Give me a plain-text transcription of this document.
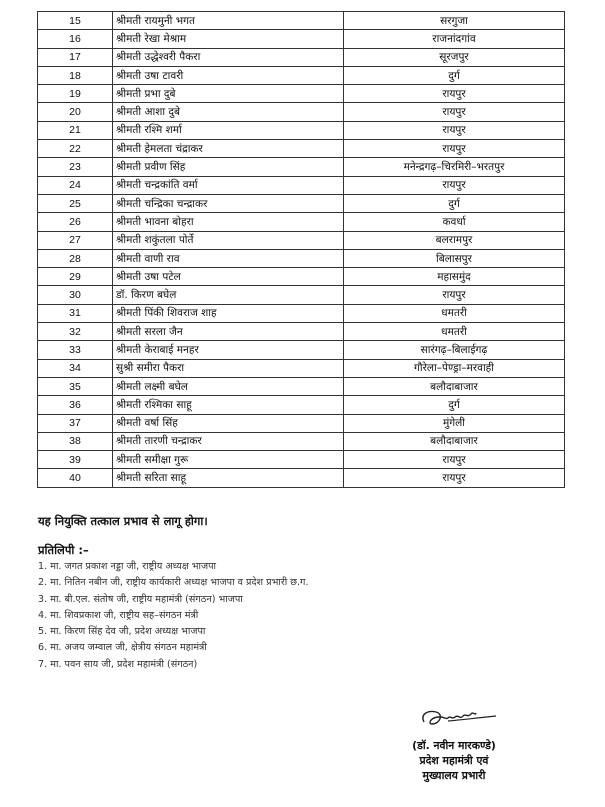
15	श्रीमती रायमुनी भगत	सरगुजा
16	श्रीमती रेखा मेश्राम	राजनांदगांव
17	श्रीमती उद्धेश्वरी पैकरा	सूरजपुर
18	श्रीमती उषा टावरी	दुर्ग
19	श्रीमती प्रभा दुबे	रायपुर
20	श्रीमती आशा दुबे	रायपुर
21	श्रीमती रश्मि शर्मा	रायपुर
22	श्रीमती हेमलता चंद्राकर	रायपुर
23	श्रीमती प्रवीण सिंह	मनेन्द्रगढ़–चिरमिरी–भरतपुर
24	श्रीमती चन्द्रकांति वर्मा	रायपुर
25	श्रीमती चन्द्रिका चन्द्राकर	दुर्ग
26	श्रीमती भावना बोहरा	कवर्धा
27	श्रीमती शकुंतला पोर्ते	बलरामपुर
28	श्रीमती वाणी राव	बिलासपुर
29	श्रीमती उषा पटेल	महासमुंद
30	डॉ. किरण बघेल	रायपुर
31	श्रीमती पिंकी शिवराज शाह	धमतरी
32	श्रीमती सरला जैन	धमतरी
33	श्रीमती केराबाई मनहर	सारंगढ़–बिलाईगढ़
34	सुश्री समीरा पैकरा	गौरेला–पेण्ड्रा–मरवाही
35	श्रीमती लक्ष्मी बघेल	बलौदाबाजार
36	श्रीमती रश्मिका साहू	दुर्ग
37	श्रीमती वर्षा सिंह	मुंगेली
38	श्रीमती तारणी चन्द्राकर	बलौदाबाजार
39	श्रीमती समीक्षा गुरू	रायपुर
40	श्रीमती सरिता साहू	रायपुर
यह नियुक्ति तत्काल प्रभाव से लागू होगा।
प्रतिलिपी :–
1. मा. जगत प्रकाश नड्डा जी, राष्ट्रीय अध्यक्ष भाजपा
2. मा. नितिन नबीन जी, राष्ट्रीय कार्यकारी अध्यक्ष भाजपा व प्रदेश प्रभारी छ.ग.
3. मा. बी.एल. संतोष जी, राष्ट्रीय महामंत्री (संगठन) भाजपा
4. मा. शिवप्रकाश जी, राष्ट्रीय सह–संगठन मंत्री
5. मा. किरण सिंह देव जी, प्रदेश अध्यक्ष भाजपा
6. मा. अजय जम्वाल जी, क्षेत्रीय संगठन महामंत्री
7. मा. पवन साय जी, प्रदेश महामंत्री (संगठन)
(डॉ. नवीन मारकण्डे)
प्रदेश महामंत्री एवं
मुख्यालय प्रभारी
